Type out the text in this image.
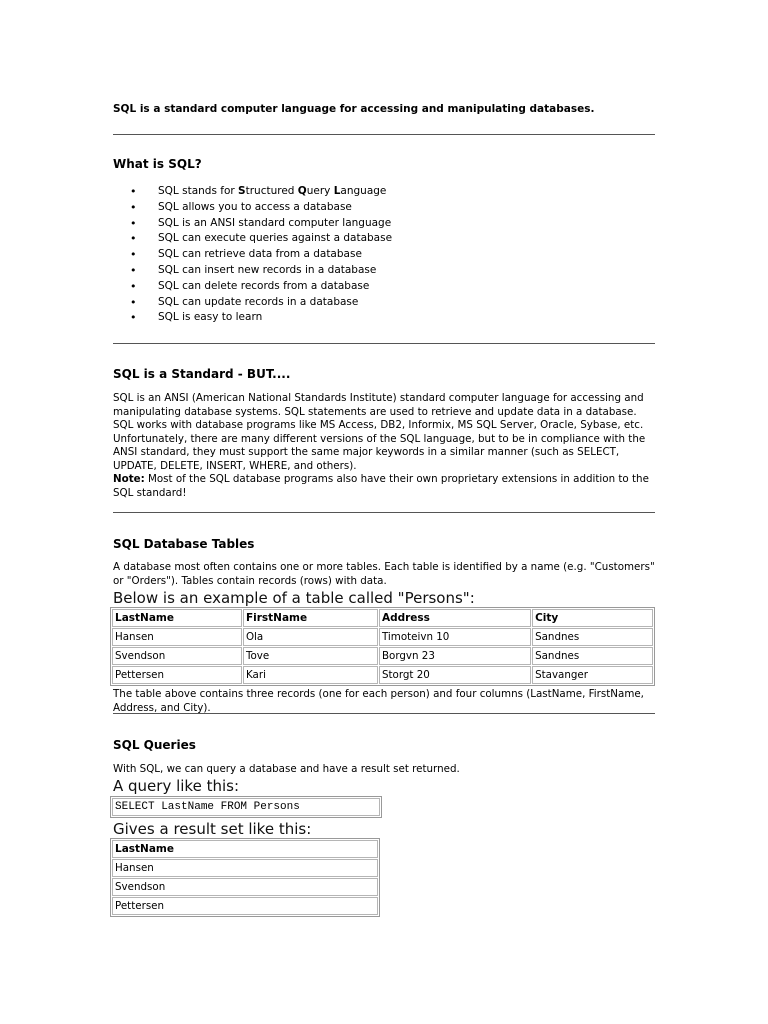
SQL is a standard computer language for accessing and manipulating databases.
What is SQL?
• SQL stands for Structured Query Language
• SQL allows you to access a database
• SQL is an ANSI standard computer language
• SQL can execute queries against a database
• SQL can retrieve data from a database
• SQL can insert new records in a database
• SQL can delete records from a database
• SQL can update records in a database
• SQL is easy to learn
SQL is a Standard - BUT....
SQL is an ANSI (American National Standards Institute) standard computer language for accessing and manipulating database systems. SQL statements are used to retrieve and update data in a database. SQL works with database programs like MS Access, DB2, Informix, MS SQL Server, Oracle, Sybase, etc.
Unfortunately, there are many different versions of the SQL language, but to be in compliance with the ANSI standard, they must support the same major keywords in a similar manner (such as SELECT, UPDATE, DELETE, INSERT, WHERE, and others).
Note: Most of the SQL database programs also have their own proprietary extensions in addition to the SQL standard!
SQL Database Tables
A database most often contains one or more tables. Each table is identified by a name (e.g. "Customers" or "Orders"). Tables contain records (rows) with data.
Below is an example of a table called "Persons":
LastName	FirstName	Address	City
Hansen	Ola	Timoteivn 10	Sandnes
Svendson	Tove	Borgvn 23	Sandnes
Pettersen	Kari	Storgt 20	Stavanger
The table above contains three records (one for each person) and four columns (LastName, FirstName, Address, and City).
SQL Queries
With SQL, we can query a database and have a result set returned.
A query like this:
SELECT LastName FROM Persons
Gives a result set like this:
LastName
Hansen
Svendson
Pettersen
